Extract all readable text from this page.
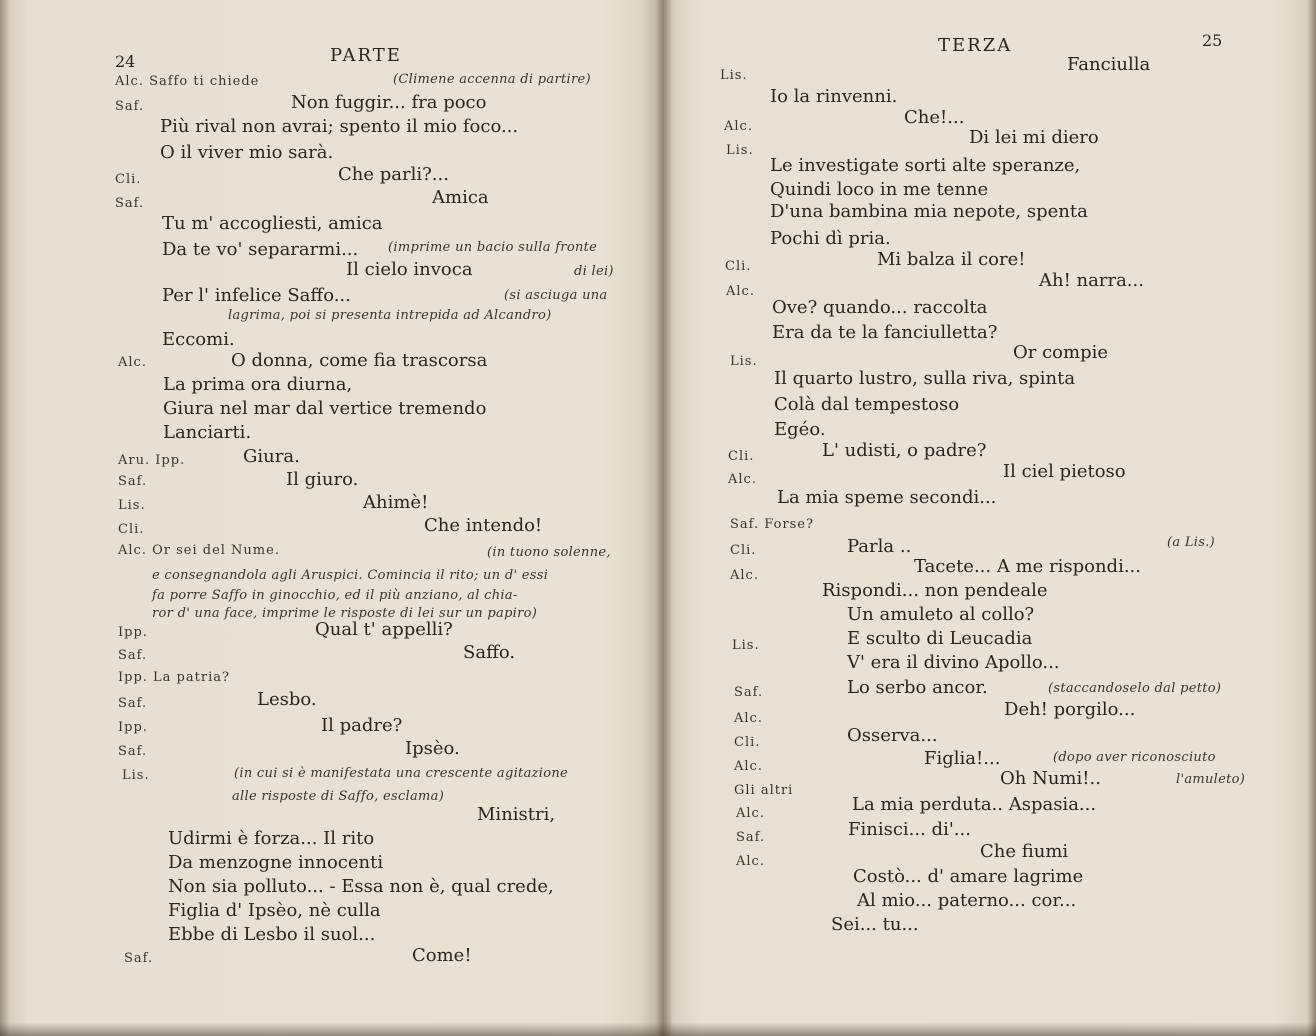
24	PARTE
Alc. Saffo ti chiede	(Climene accenna di partire)
Saf.	Non fuggir... fra poco
Più rival non avrai; spento il mio foco...
O il viver mio sarà.
Cli.	Che parli?...
Saf.	Amica
Tu m' accogliesti, amica
Da te vo' separarmi... (imprime un bacio sulla fronte
Il cielo invoca	di lei)
Per l' infelice Saffo...	(si asciuga una
lagrima, poi si presenta intrepida ad Alcandro)
Eccomi.
Alc.	O donna, come fia trascorsa
La prima ora diurna,
Giura nel mar dal vertice tremendo
Lanciarti.
Aru. Ipp.	Giura.
Saf.	Il giuro.
Lis.	Ahimè!
Cli.	Che intendo!
Alc. Or sei del Nume.	(in tuono solenne,
e consegnandola agli Aruspici. Comincia il rito; un d' essi
fa porre Saffo in ginocchio, ed il più anziano, al chia-
ror d' una face, imprime le risposte di lei sur un papiro)
Ipp.	Qual t' appelli?
Saf.	Saffo.
Ipp. La patria?
Saf.	Lesbo.
Ipp.	Il padre?
Saf.	Ipsèo.
Lis.	(in cui si è manifestata una crescente agitazione
alle risposte di Saffo, esclama)
Ministri,
Udirmi è forza... Il rito
Da menzogne innocenti
Non sia polluto... - Essa non è, qual crede,
Figlia d' Ipsèo, nè culla
Ebbe di Lesbo il suol...
Saf.	Come!
TERZA	25
Fanciulla
Lis.
Io la rinvenni.
Alc.	Che!...
Lis.
Di lei mi diero
Le investigate sorti alte speranze,
Quindi loco in me tenne
D'una bambina mia nepote, spenta
Pochi dì pria.
Cli.	Mi balza il core!
Alc.
Ah! narra...
Ove? quando... raccolta
Era da te la fanciulletta?
Lis.	Or compie
Il quarto lustro, sulla riva, spinta
Colà dal tempestoso
Egéo.
Cli.	L' udisti, o padre?
Alc.	Il ciel pietoso
La mia speme secondi...
Saf. Forse?
Cli.	Parla ..	(a Lis.)
Alc.	Tacete... A me rispondi...
Rispondi... non pendeale
Un amuleto al collo?
Lis.	E sculto di Leucadia
V' era il divino Apollo...
Saf.	Lo serbo ancor.	(staccandoselo dal petto)
Alc.	Deh! porgilo...
Cli.	Osserva...
Alc.	Figlia!...	(dopo aver riconosciuto
Gli altri
Oh Numi!..	l'amuleto)
Alc.	La mia perduta.. Aspasia...
Saf.	Finisci... di'...
Alc.	Che fiumi
Costò... d' amare lagrime
Al mio... paterno... cor...
Sei... tu...
